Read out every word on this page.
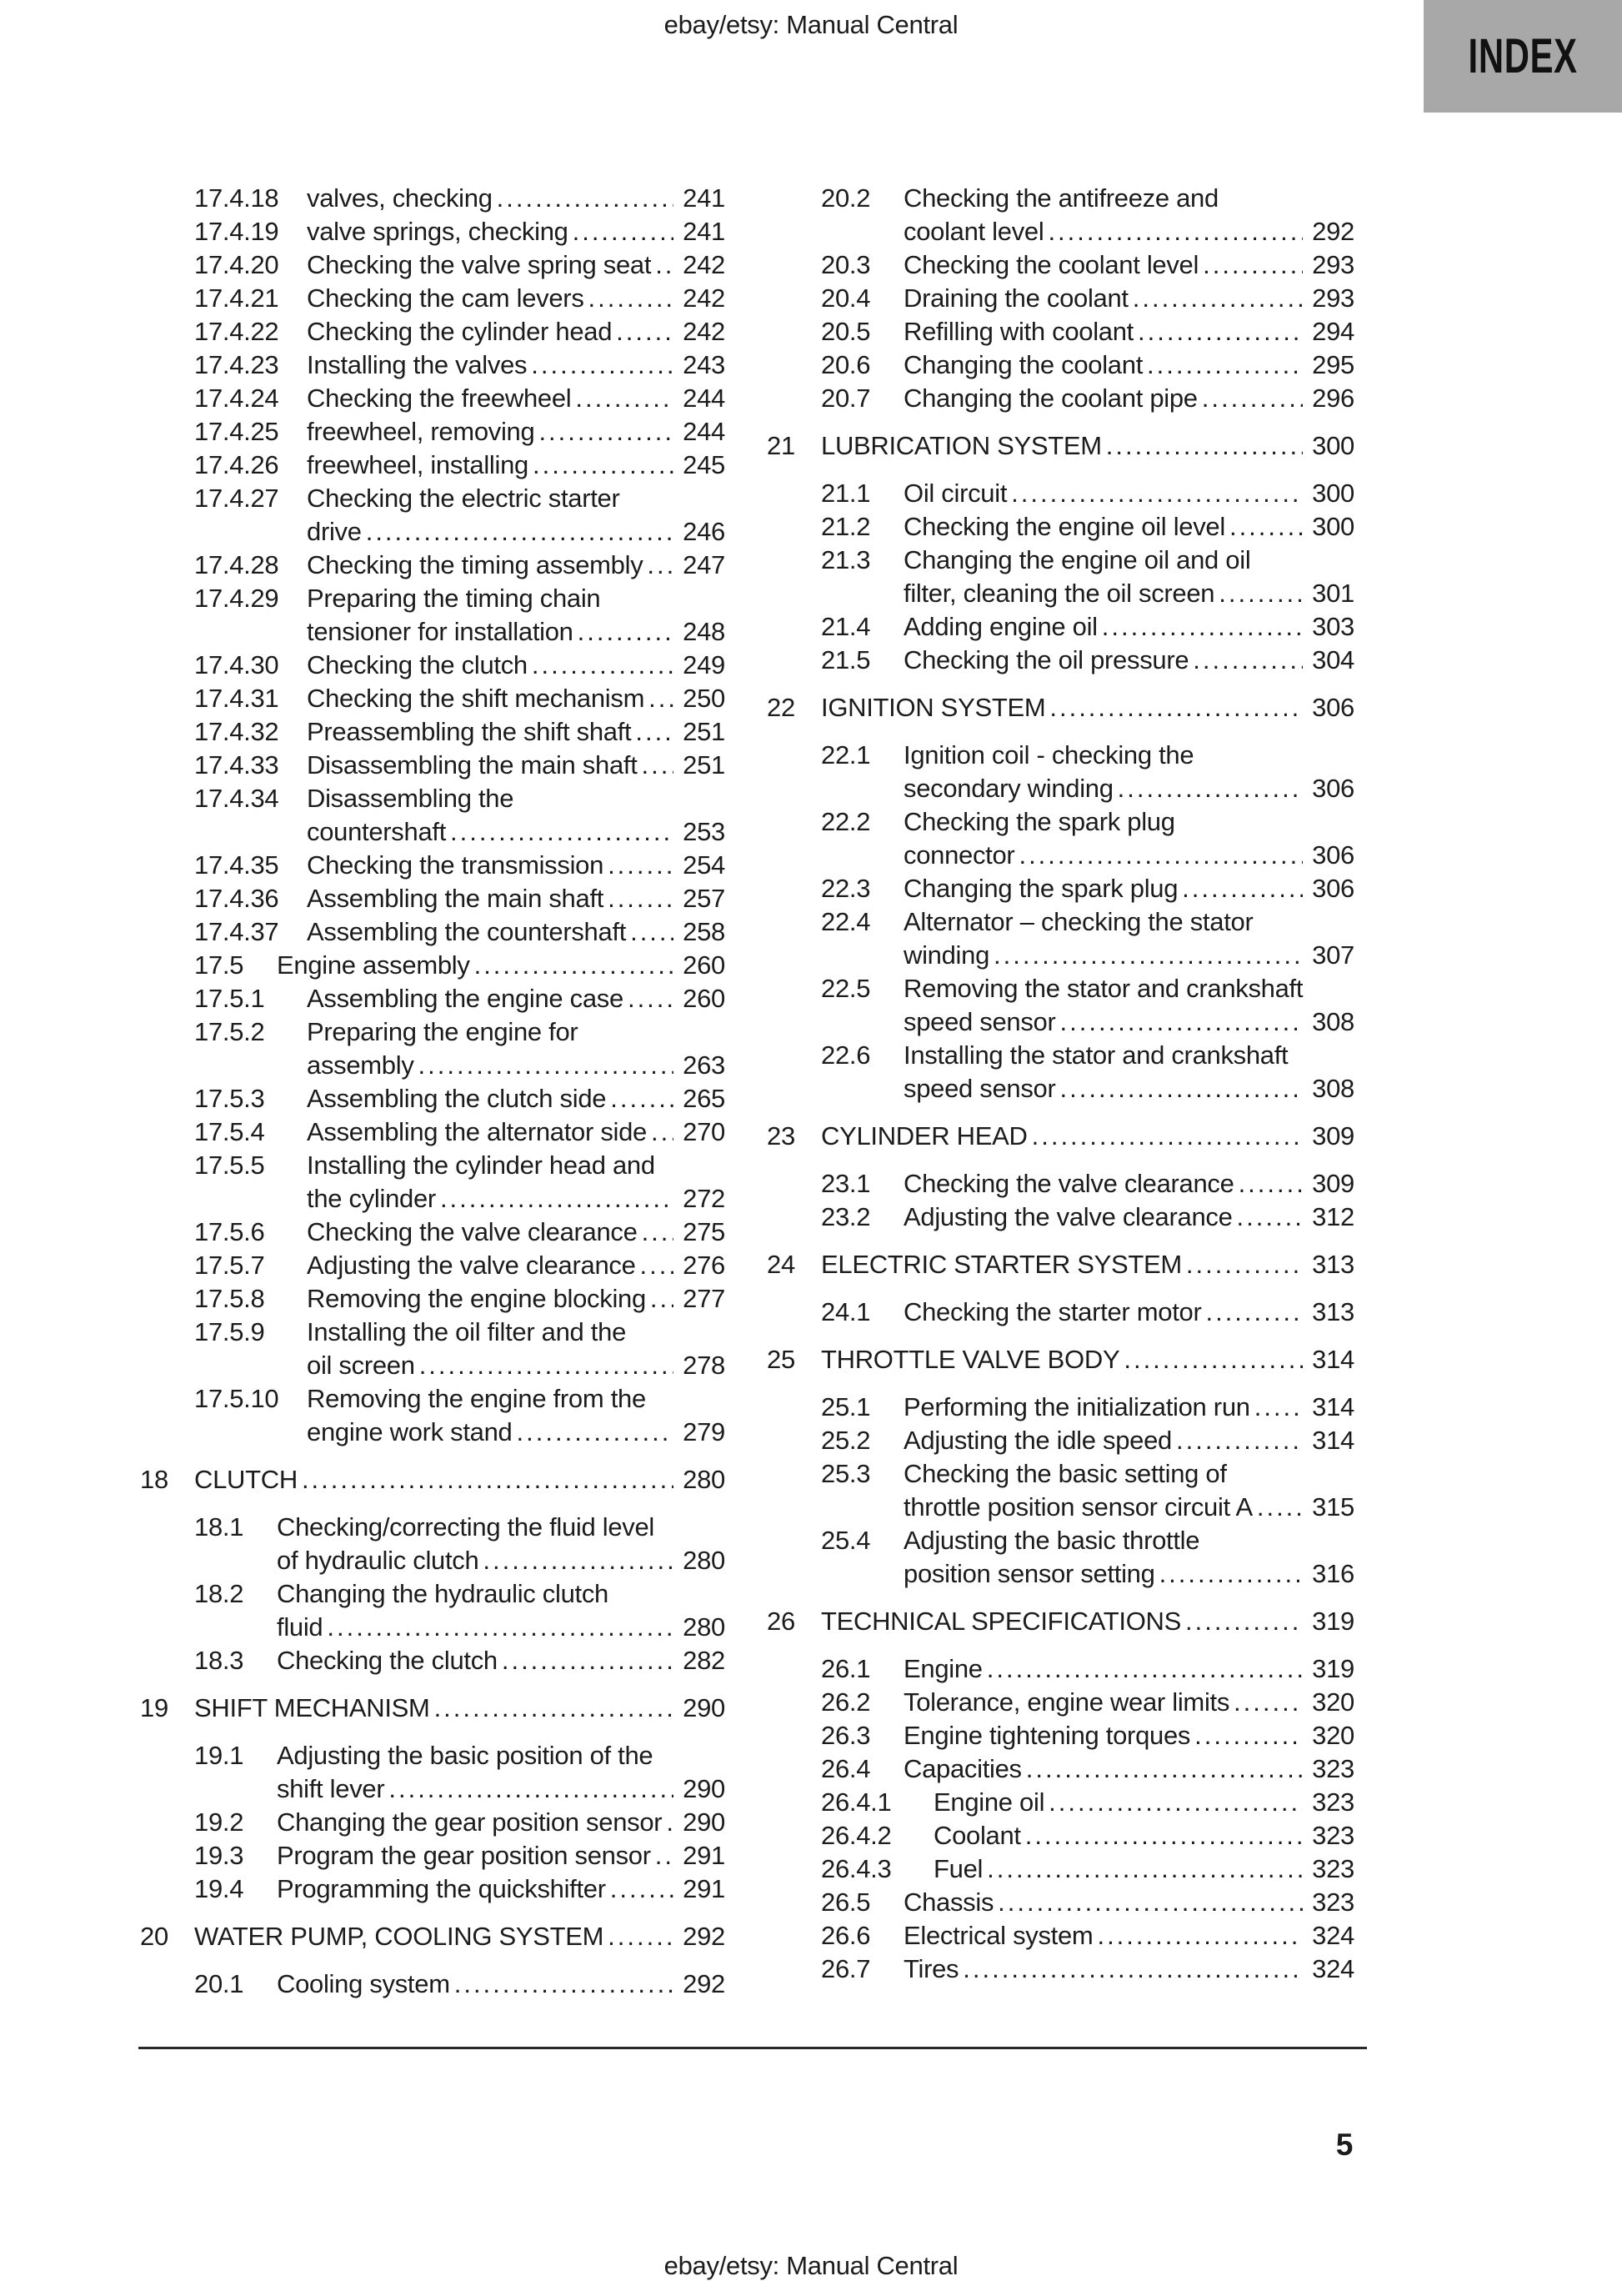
ebay/etsy: Manual Central
INDEX
17.4.18 valves, checking .....	241
17.4.19 valve springs, checking .....	241
17.4.20 Checking the valve spring seat ..... 242
17.4.21 Checking the cam levers .....	242
17.4.22 Checking the cylinder head .....	242
17.4.23 Installing the valves .....	243
17.4.24 Checking the freewheel .....	244
17.4.25 freewheel, removing .....	244
17.4.26 freewheel, installing .....	245
17.4.27 Checking the electric starter
drive .....	246
17.4.28 Checking the timing assembly ..... 247
17.4.29 Preparing the timing chain
tensioner for installation .....	248
17.4.30 Checking the clutch .....	249
17.4.31 Checking the shift mechanism ..... 250
17.4.32 Preassembling the shift shaft ..... 251
17.4.33 Disassembling the main shaft ..... 251
17.4.34 Disassembling the
countershaft .....	253
17.4.35 Checking the transmission .....	254
17.4.36 Assembling the main shaft .....	257
17.4.37 Assembling the countershaft ..... 258
17.5 Engine assembly .....	260
17.5.1 Assembling the engine case ..... 260
17.5.2 Preparing the engine for
assembly .....	263
17.5.3 Assembling the clutch side .....	265
17.5.4 Assembling the alternator side ..... 270
17.5.5 Installing the cylinder head and
the cylinder .....	272
17.5.6 Checking the valve clearance ..... 275
17.5.7 Adjusting the valve clearance ..... 276
17.5.8 Removing the engine blocking ..... 277
17.5.9 Installing the oil filter and the
oil screen .....	278
17.5.10 Removing the engine from the
engine work stand .....	279
18 CLUTCH .....	280
18.1 Checking/correcting the fluid level
of hydraulic clutch .....	280
18.2 Changing the hydraulic clutch
fluid .....	280
18.3 Checking the clutch .....	282
19 SHIFT MECHANISM .....	290
19.1 Adjusting the basic position of the
shift lever .....	290
19.2 Changing the gear position sensor ..... 290
19.3 Program the gear position sensor ..... 291
19.4 Programming the quickshifter .....	291
20 WATER PUMP, COOLING SYSTEM .....	292
20.1 Cooling system .....	292
20.2 Checking the antifreeze and
coolant level .....	292
20.3 Checking the coolant level .....	293
20.4 Draining the coolant .....	293
20.5 Refilling with coolant .....	294
20.6 Changing the coolant .....	295
20.7 Changing the coolant pipe .....	296
21 LUBRICATION SYSTEM .....	300
21.1 Oil circuit .....	300
21.2 Checking the engine oil level .....	300
21.3 Changing the engine oil and oil
filter, cleaning the oil screen .....	301
21.4 Adding engine oil .....	303
21.5 Checking the oil pressure .....	304
22 IGNITION SYSTEM .....	306
22.1 Ignition coil - checking the
secondary winding .....	306
22.2 Checking the spark plug
connector .....	306
22.3 Changing the spark plug .....	306
22.4 Alternator – checking the stator
winding .....	307
22.5 Removing the stator and crankshaft
speed sensor .....	308
22.6 Installing the stator and crankshaft
speed sensor .....	308
23 CYLINDER HEAD .....	309
23.1 Checking the valve clearance .....	309
23.2 Adjusting the valve clearance .....	312
24 ELECTRIC STARTER SYSTEM .....	313
24.1 Checking the starter motor .....	313
25 THROTTLE VALVE BODY .....	314
25.1 Performing the initialization run ..... 314
25.2 Adjusting the idle speed .....	314
25.3 Checking the basic setting of
throttle position sensor circuit A ..... 315
25.4 Adjusting the basic throttle
position sensor setting .....	316
26 TECHNICAL SPECIFICATIONS .....	319
26.1 Engine .....	319
26.2 Tolerance, engine wear limits .....	320
26.3 Engine tightening torques .....	320
26.4 Capacities .....	323
26.4.1 Engine oil .....	323
26.4.2 Coolant .....	323
26.4.3 Fuel .....	323
26.5 Chassis .....	323
26.6 Electrical system .....	324
26.7 Tires .....	324
5
ebay/etsy: Manual Central
